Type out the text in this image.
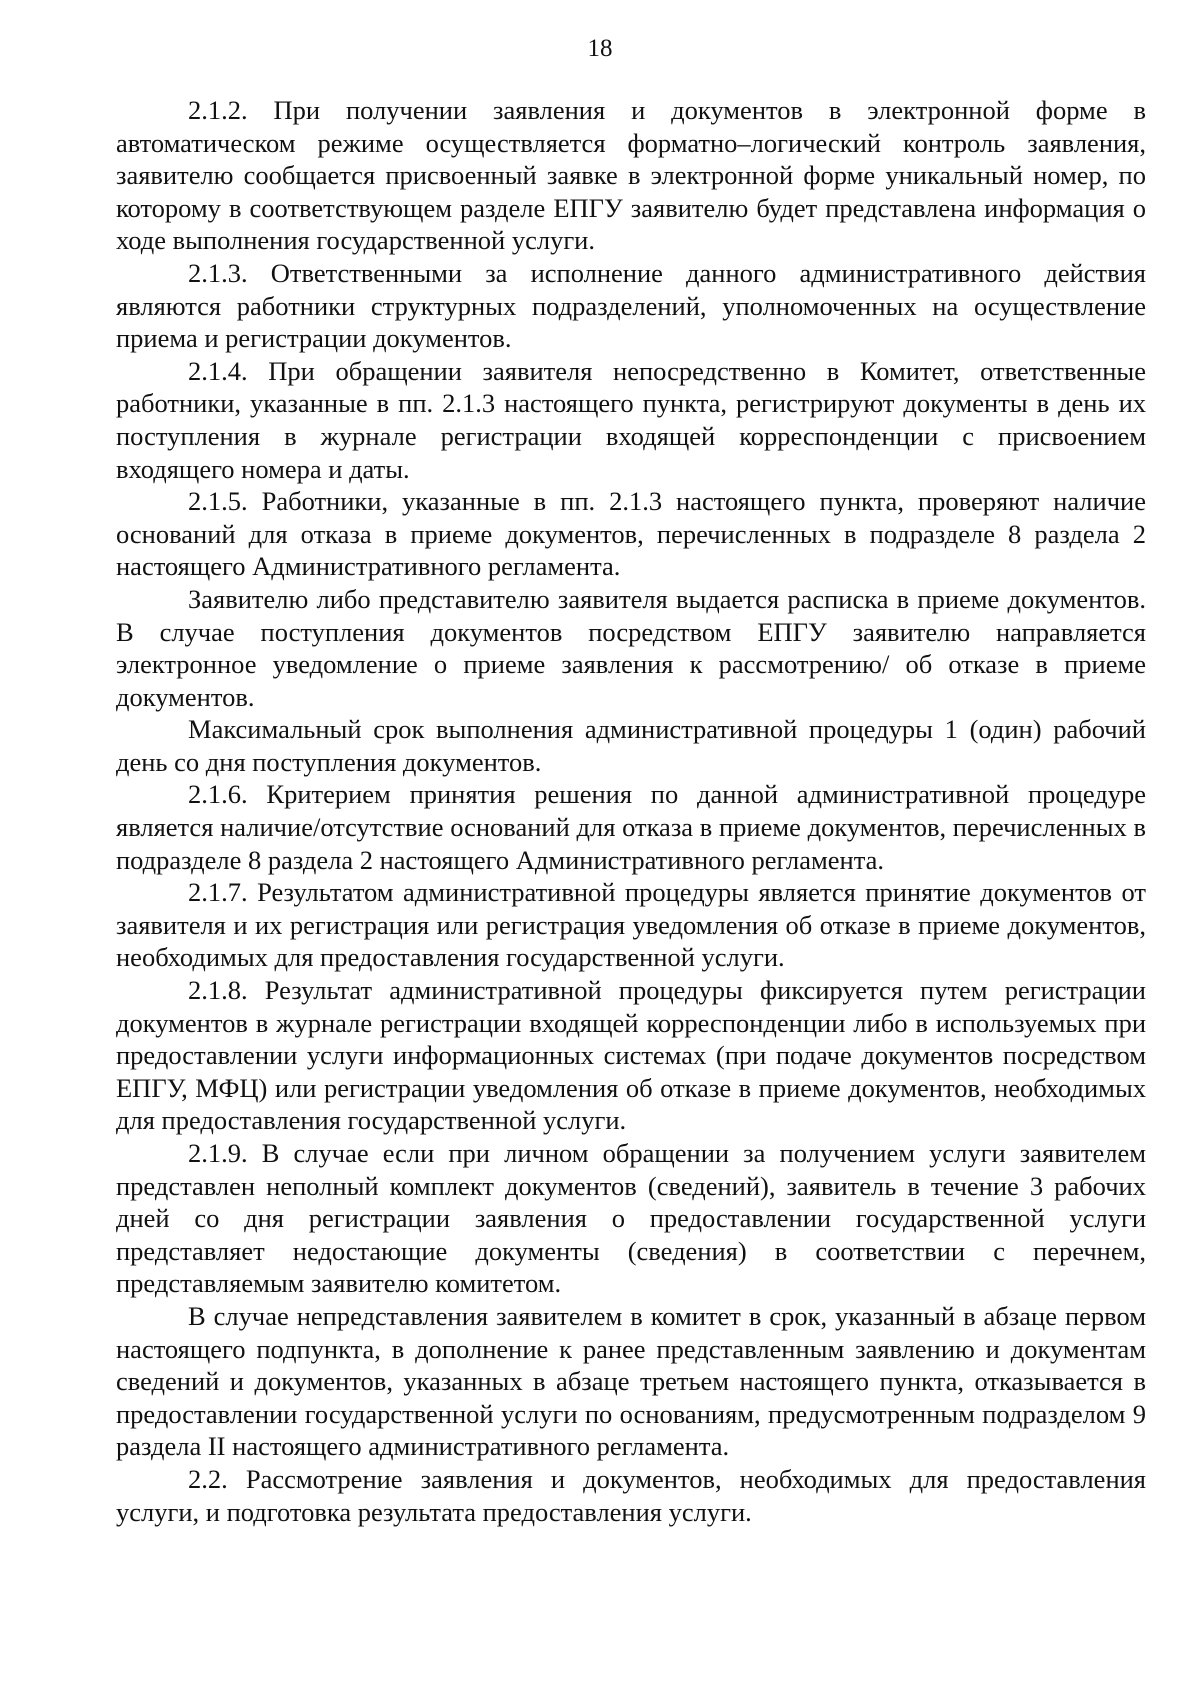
18

2.1.2. При получении заявления и документов в электронной форме в автоматическом режиме осуществляется форматно–логический контроль заявления, заявителю сообщается присвоенный заявке в электронной форме уникальный номер, по которому в соответствующем разделе ЕПГУ заявителю будет представлена информация о ходе выполнения государственной услуги.

2.1.3. Ответственными за исполнение данного административного действия являются работники структурных подразделений, уполномоченных на осуществление приема и регистрации документов.

2.1.4. При обращении заявителя непосредственно в Комитет, ответственные работники, указанные в пп. 2.1.3 настоящего пункта, регистрируют документы в день их поступления в журнале регистрации входящей корреспонденции с присвоением входящего номера и даты.

2.1.5. Работники, указанные в пп. 2.1.3 настоящего пункта, проверяют наличие оснований для отказа в приеме документов, перечисленных в подразделе 8 раздела 2 настоящего Административного регламента.

Заявителю либо представителю заявителя выдается расписка в приеме документов. В случае поступления документов посредством ЕПГУ заявителю направляется электронное уведомление о приеме заявления к рассмотрению/ об отказе в приеме документов.

Максимальный срок выполнения административной процедуры 1 (один) рабочий день со дня поступления документов.

2.1.6. Критерием принятия решения по данной административной процедуре является наличие/отсутствие оснований для отказа в приеме документов, перечисленных в подразделе 8 раздела 2 настоящего Административного регламента.

2.1.7. Результатом административной процедуры является принятие документов от заявителя и их регистрация или регистрация уведомления об отказе в приеме документов, необходимых для предоставления государственной услуги.

2.1.8. Результат административной процедуры фиксируется путем регистрации документов в журнале регистрации входящей корреспонденции либо в используемых при предоставлении услуги информационных системах (при подаче документов посредством ЕПГУ, МФЦ) или регистрации уведомления об отказе в приеме документов, необходимых для предоставления государственной услуги.

2.1.9. В случае если при личном обращении за получением услуги заявителем представлен неполный комплект документов (сведений), заявитель в течение 3 рабочих дней со дня регистрации заявления о предоставлении государственной услуги представляет недостающие документы (сведения) в соответствии с перечнем, представляемым заявителю комитетом.

В случае непредставления заявителем в комитет в срок, указанный в абзаце первом настоящего подпункта, в дополнение к ранее представленным заявлению и документам сведений и документов, указанных в абзаце третьем настоящего пункта, отказывается в предоставлении государственной услуги по основаниям, предусмотренным подразделом 9 раздела II настоящего административного регламента.

2.2. Рассмотрение заявления и документов, необходимых для предоставления услуги, и подготовка результата предоставления услуги.
